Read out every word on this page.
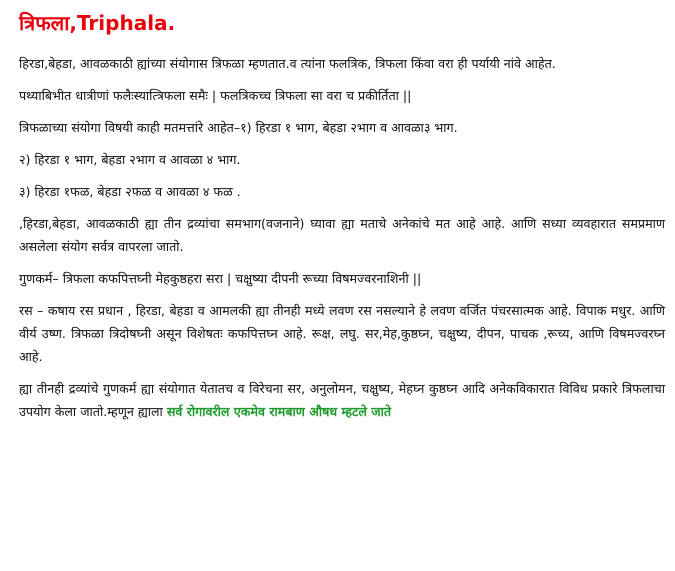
त्रिफला,Triphala.

हिरडा,बेहडा, आवळकाठी ह्यांच्या संयोगास त्रिफळा म्हणतात.व त्यांना फलत्रिक, त्रिफला किंवा वरा ही पर्यायी नांवे आहेत.

पथ्याबिभीत धात्रीणां फलैःस्यात्त्रिफला समैः | फलत्रिकच्च त्रिफला सा वरा च प्रकीर्तिता ||

त्रिफळाच्या संयोगा विषयी काही मतमत्तांरे आहेत–१) हिरडा १ भाग, बेहडा २भाग व आवळा३ भाग.

२) हिरडा १ भाग, बेहडा २भाग व आवळा ४ भाग.

३) हिरडा १फळ, बेहडा २फळ व आवळा ४ फळ .

,हिरडा,बेहडा, आवळकाठी ह्या तीन द्रव्यांचा समभाग(वजनाने) घ्यावा ह्या मताचे अनेकांचे मत आहे आहे. आणि सध्या व्यवहारात समप्रमाण असलेला संयोग सर्वत्र वापरला जातो.

गुणकर्म– त्रिफला कफपित्तघ्नी मेहकुष्ठहरा सरा | चक्षुष्या दीपनी रूच्या विषमज्वरनाशिनी ||

रस – कषाय रस प्रधान , हिरडा, बेहडा व आमलकी ह्या तीनही मध्ये लवण रस नसल्याने हे लवण वर्जित पंचरसात्मक आहे. विपाक मधुर. आणि वीर्य उष्ण. त्रिफळा त्रिदोषघ्नी असून विशेषतः कफपित्तघ्न आहे. रूक्ष, लघु. सर,मेह,कुष्ठघ्न, चक्षुष्य, दीपन, पाचक ,रूच्य, आणि विषमज्वरघ्न आहे.

ह्या तीनही द्रव्यांचे गुणकर्म ह्या संयोगात येतातच व विरेचना सर, अनुलोमन, चक्षुष्य, मेहघ्न कुष्ठघ्न आदि अनेकविकारात विविध प्रकारे त्रिफलाचा उपयोग केला जातो.म्हणून ह्याला सर्व रोगावरील एकमेव रामबाण औषध म्हटले जाते
